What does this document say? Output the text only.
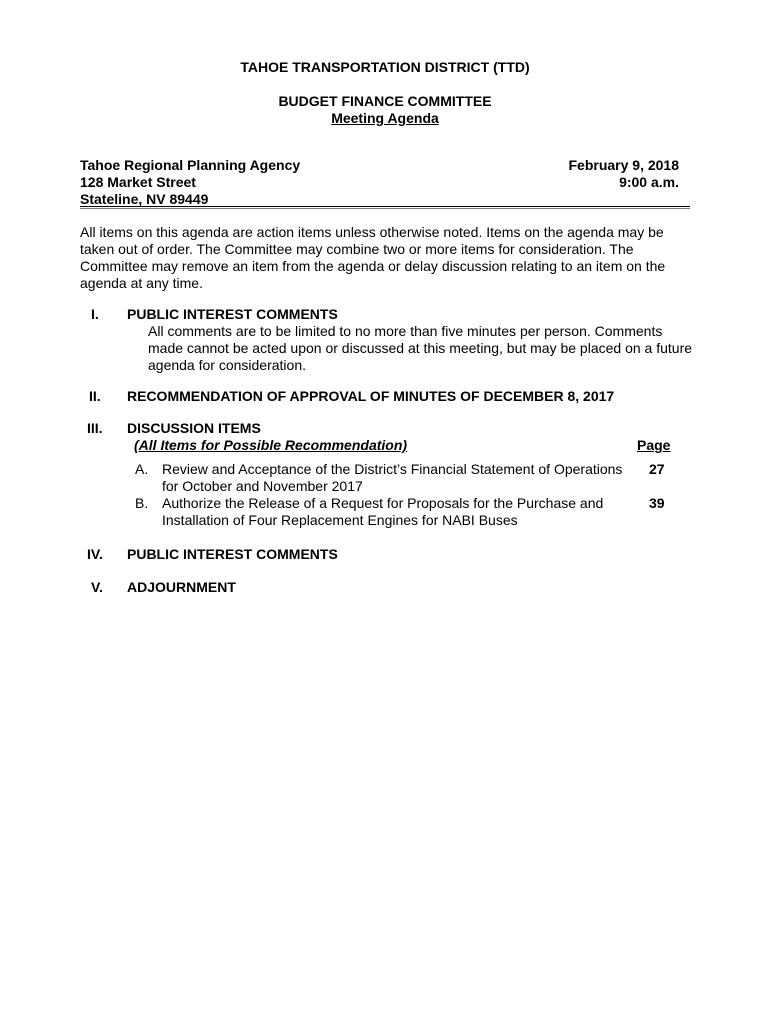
TAHOE TRANSPORTATION DISTRICT (TTD)
BUDGET FINANCE COMMITTEE
Meeting Agenda
Tahoe Regional Planning Agency
128 Market Street
Stateline, NV 89449
February 9, 2018
9:00 a.m.
All items on this agenda are action items unless otherwise noted. Items on the agenda may be
taken out of order. The Committee may combine two or more items for consideration. The
Committee may remove an item from the agenda or delay discussion relating to an item on the
agenda at any time.
I. PUBLIC INTEREST COMMENTS
All comments are to be limited to no more than five minutes per person. Comments
made cannot be acted upon or discussed at this meeting, but may be placed on a future
agenda for consideration.
II. RECOMMENDATION OF APPROVAL OF MINUTES OF DECEMBER 8, 2017
III. DISCUSSION ITEMS
(All Items for Possible Recommendation)	Page
A. Review and Acceptance of the District’s Financial Statement of Operations
for October and November 2017
27
B. Authorize the Release of a Request for Proposals for the Purchase and
Installation of Four Replacement Engines for NABI Buses
39
IV. PUBLIC INTEREST COMMENTS
V. ADJOURNMENT
